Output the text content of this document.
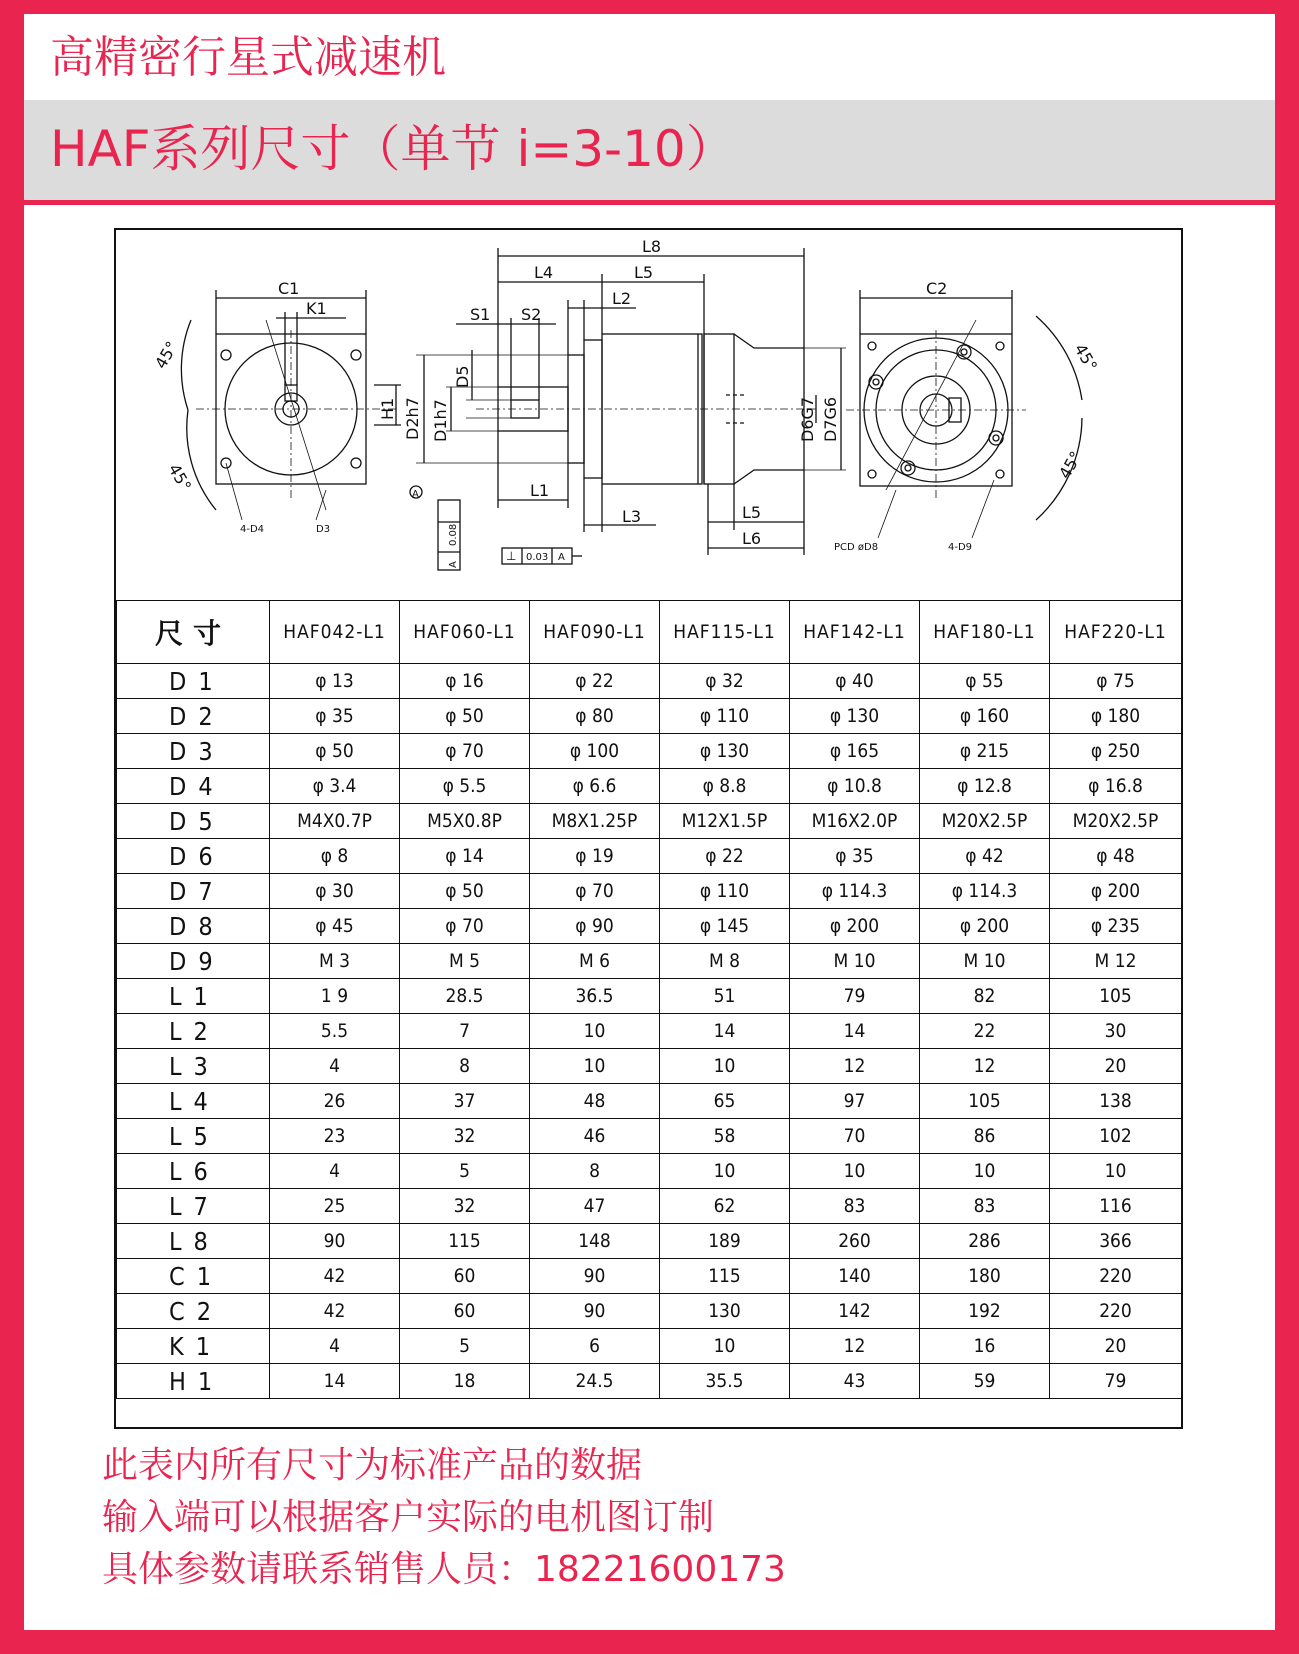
高精密行星式减速机
HAF系列尺寸（单节 i=3-10）
L8
L4	L5
L2
S1 S2
C1
K1
C2
L1
L3	L5
L6
H1 D2h7 D1h7
D5
D6G7 D7G6
45°
45°
45°
45°
A
4-D4	D3
PCD øD8	4-D9
⊥ 0.03 A
0.08
A
尺寸	HAF042-L1	HAF060-L1	HAF090-L1	HAF115-L1	HAF142-L1	HAF180-L1	HAF220-L1
D1	φ 13	φ 16	φ 22	φ 32	φ 40	φ 55	φ 75
D2	φ 35	φ 50	φ 80	φ 110	φ 130	φ 160	φ 180
D3	φ 50	φ 70	φ 100	φ 130	φ 165	φ 215	φ 250
D4	φ 3.4	φ 5.5	φ 6.6	φ 8.8	φ 10.8	φ 12.8	φ 16.8
D5	M4X0.7P	M5X0.8P	M8X1.25P	M12X1.5P	M16X2.0P	M20X2.5P	M20X2.5P
D6	φ 8	φ 14	φ 19	φ 22	φ 35	φ 42	φ 48
D7	φ 30	φ 50	φ 70	φ 110	φ 114.3	φ 114.3	φ 200
D8	φ 45	φ 70	φ 90	φ 145	φ 200	φ 200	φ 235
D9	M 3	M 5	M 6	M 8	M 10	M 10	M 12
L1	1 9	28.5	36.5	51	79	82	105
L2	5.5	7	10	14	14	22	30
L3	4	8	10	10	12	12	20
L4	26	37	48	65	97	105	138
L5	23	32	46	58	70	86	102
L6	4	5	8	10	10	10	10
L7	25	32	47	62	83	83	116
L8	90	115	148	189	260	286	366
C1	42	60	90	115	140	180	220
C2	42	60	90	130	142	192	220
K1	4	5	6	10	12	16	20
H1	14	18	24.5	35.5	43	59	79
此表内所有尺寸为标准产品的数据
输入端可以根据客户实际的电机图订制
具体参数请联系销售人员：18221600173
